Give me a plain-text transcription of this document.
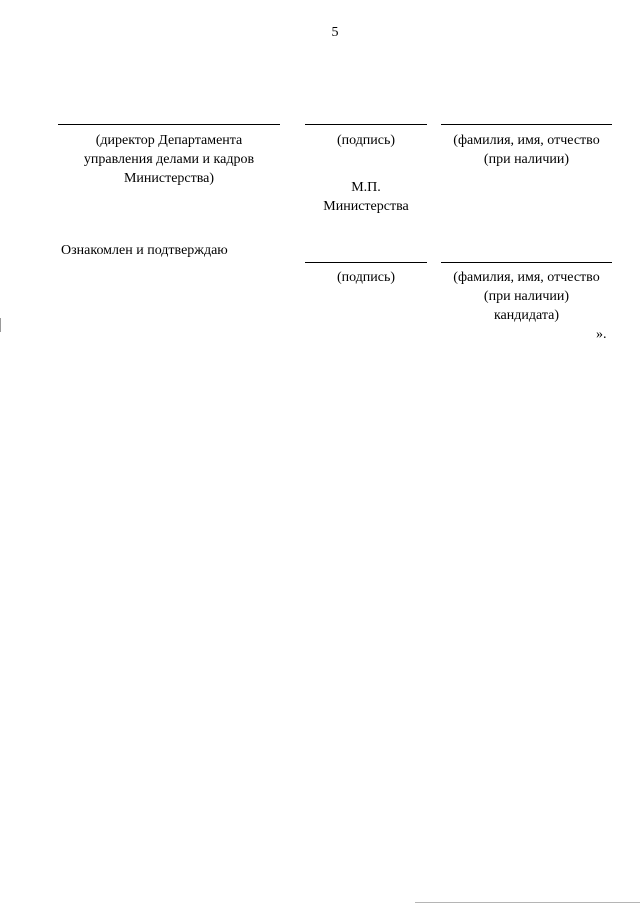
5
(директор Департамента
управления делами и кадров
Министерства)
(подпись)	(фамилия, имя, отчество
(при наличии)
М.П.
Министерства
Ознакомлен и подтверждаю
(подпись)	(фамилия, имя, отчество
(при наличии)
кандидата)
».
